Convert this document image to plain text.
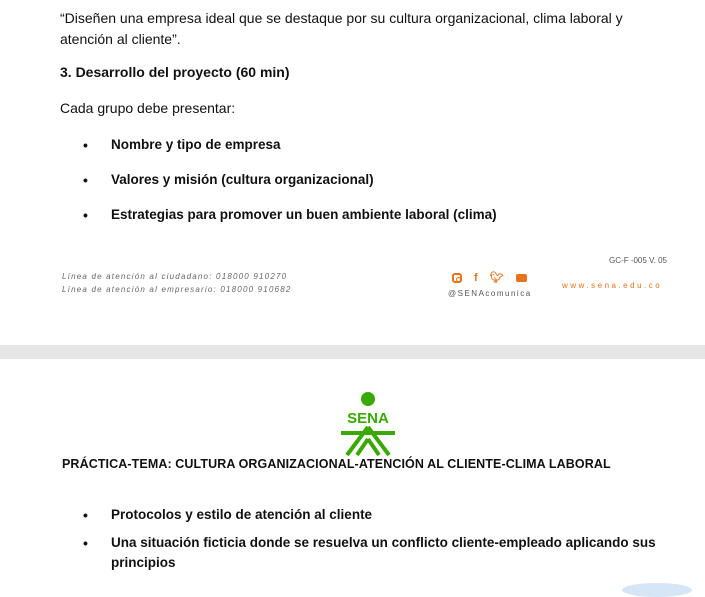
“Diseñen una empresa ideal que se destaque por su cultura organizacional, clima laboral y atención al cliente”.
3. Desarrollo del proyecto (60 min)
Cada grupo debe presentar:
• Nombre y tipo de empresa
• Valores y misión (cultura organizacional)
• Estrategias para promover un buen ambiente laboral (clima)
GC-F -005 V. 05
Línea de atención al ciudadano: 018000 910270
Línea de atención al empresario: 018000 910682
f 🐦︎
@SENAcomunica
www.sena.edu.co
SENA
PRÁCTICA-TEMA: CULTURA ORGANIZACIONAL-ATENCIÓN AL CLIENTE-CLIMA LABORAL
• Protocolos y estilo de atención al cliente
• Una situación ficticia donde se resuelva un conflicto cliente-empleado aplicando sus principios
